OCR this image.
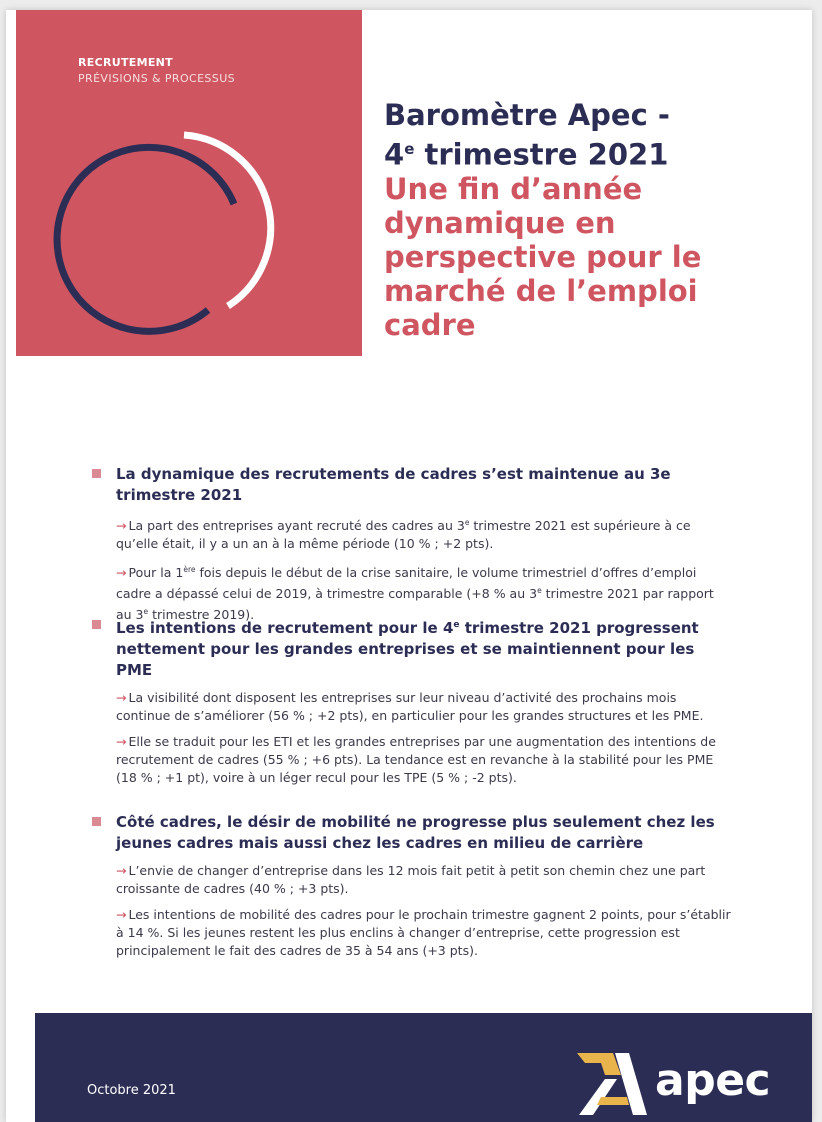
RECRUTEMENT
PRÉVISIONS & PROCESSUS
Baromètre Apec -
4e trimestre 2021
Une fin d’année
dynamique en
perspective pour le
marché de l’emploi
cadre
La dynamique des recrutements de cadres s’est maintenue au 3e trimestre 2021
→ La part des entreprises ayant recruté des cadres au 3e trimestre 2021 est supérieure à ce qu’elle était, il y a un an à la même période (10 % ; +2 pts).
→ Pour la 1ère fois depuis le début de la crise sanitaire, le volume trimestriel d’offres d’emploi cadre a dépassé celui de 2019, à trimestre comparable (+8 % au 3e trimestre 2021 par rapport au 3e trimestre 2019).
Les intentions de recrutement pour le 4e trimestre 2021 progressent nettement pour les grandes entreprises et se maintiennent pour les PME
→ La visibilité dont disposent les entreprises sur leur niveau d’activité des prochains mois continue de s’améliorer (56 % ; +2 pts), en particulier pour les grandes structures et les PME.
→ Elle se traduit pour les ETI et les grandes entreprises par une augmentation des intentions de recrutement de cadres (55 % ; +6 pts). La tendance est en revanche à la stabilité pour les PME (18 % ; +1 pt), voire à un léger recul pour les TPE (5 % ; -2 pts).
Côté cadres, le désir de mobilité ne progresse plus seulement chez les jeunes cadres mais aussi chez les cadres en milieu de carrière
→ L’envie de changer d’entreprise dans les 12 mois fait petit à petit son chemin chez une part croissante de cadres (40 % ; +3 pts).
→ Les intentions de mobilité des cadres pour le prochain trimestre gagnent 2 points, pour s’établir à 14 %. Si les jeunes restent les plus enclins à changer d’entreprise, cette progression est principalement le fait des cadres de 35 à 54 ans (+3 pts).
Octobre 2021	apec
